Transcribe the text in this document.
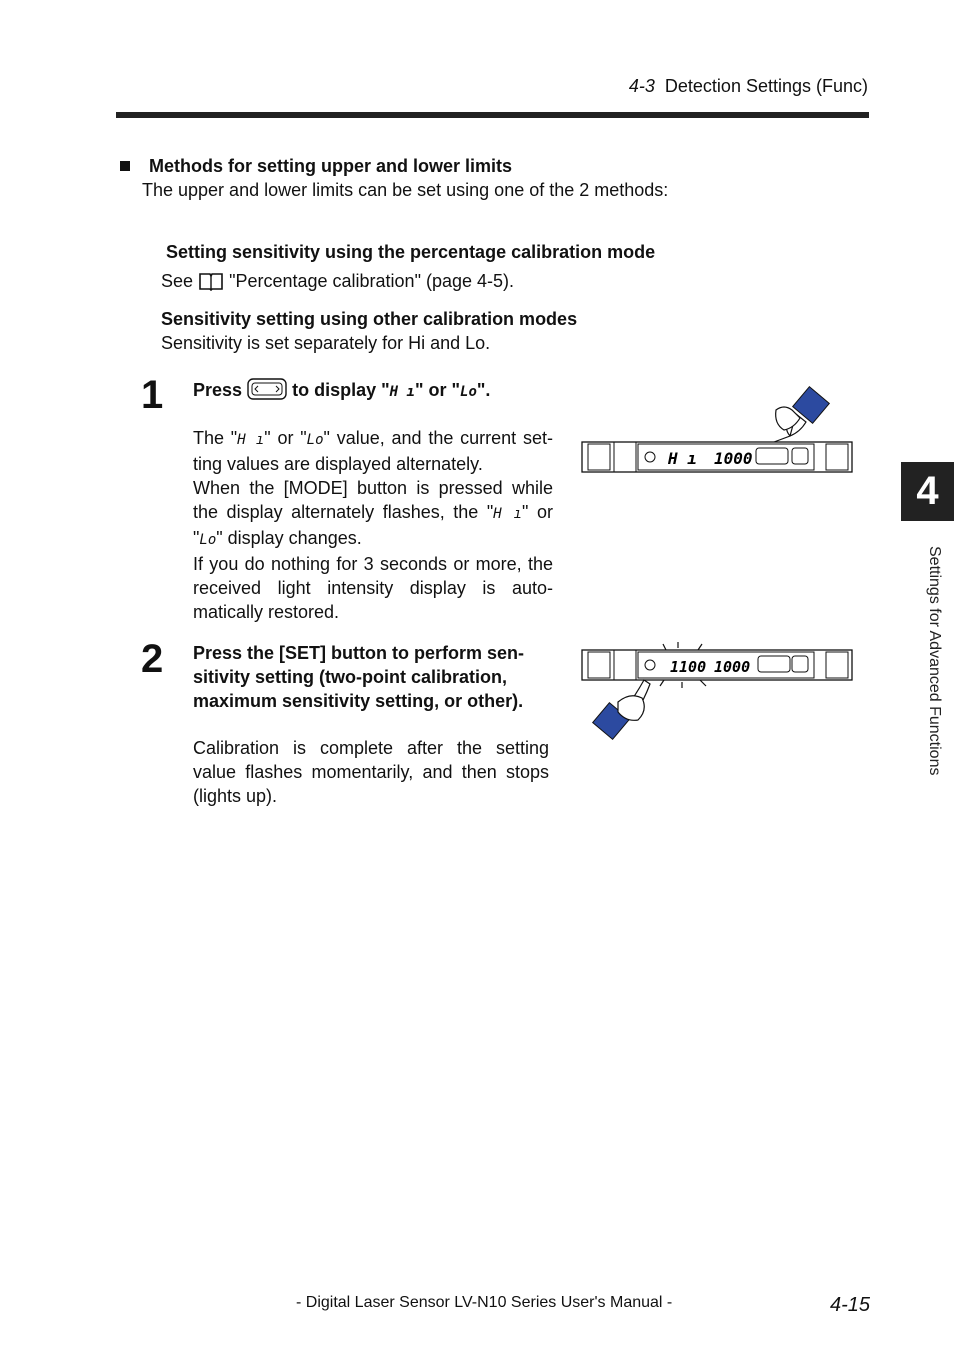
4-3 Detection Settings (Func)
Methods for setting upper and lower limits
The upper and lower limits can be set using one of the 2 methods:
Setting sensitivity using the percentage calibration mode
See "Percentage calibration" (page 4-5).
Sensitivity setting using other calibration modes
Sensitivity is set separately for Hi and Lo.
1 Press	to display "H ı" or "Lo".
The "H ı" or "Lo" value, and the current set-ting values are displayed alternately.
When the [MODE] button is pressed while the display alternately flashes, the "H ı" or "Lo" display changes.
If you do nothing for 3 seconds or more, the received light intensity display is auto-matically restored.
H ı 1000
2 Press the [SET] button to perform sen-sitivity setting (two-point calibration, maximum sensitivity setting, or other).
Calibration is complete after the setting value flashes momentarily, and then stops (lights up).
1100 1000
4
Settings for Advanced Functions
- Digital Laser Sensor LV-N10 Series User's Manual -	4-15
